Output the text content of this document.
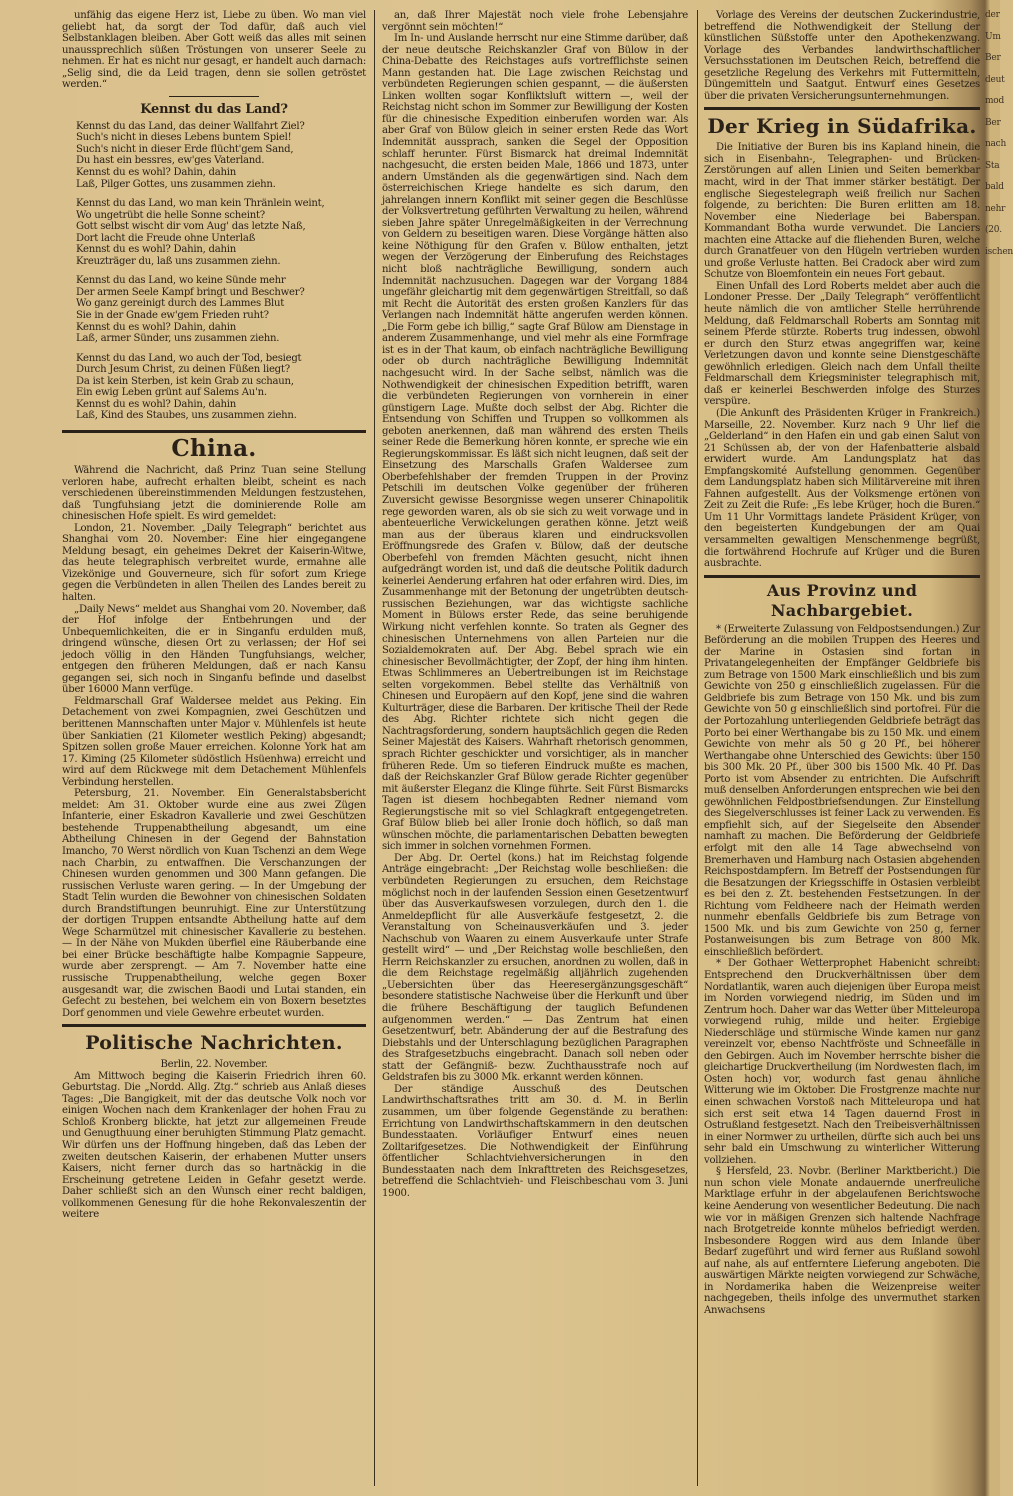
unfähig das eigene Herz ist, Liebe zu üben. Wo man viel geliebt hat, da sorgt der Tod dafür, daß auch viel Selbstanklagen bleiben. Aber Gott weiß das alles mit seinen unaussprechlich süßen Tröstungen von unserer Seele zu nehmen. Er hat es nicht nur gesagt, er handelt auch darnach: „Selig sind, die da Leid tragen, denn sie sollen getröstet werden.“

Kennst du das Land?

Kennst du das Land, das deiner Wallfahrt Ziel?

Such's nicht in dieses Lebens buntem Spiel!

Such's nicht in dieser Erde flücht'gem Sand,

Du hast ein bessres, ew'ges Vaterland.

Kennst du es wohl? Dahin, dahin

Laß, Pilger Gottes, uns zusammen ziehn.

Kennst du das Land, wo man kein Thränlein weint,

Wo ungetrübt die helle Sonne scheint?

Gott selbst wischt dir vom Aug' das letzte Naß,

Dort lacht die Freude ohne Unterlaß

Kennst du es wohl? Dahin, dahin

Kreuzträger du, laß uns zusammen ziehn.

Kennst du das Land, wo keine Sünde mehr

Der armen Seele Kampf bringt und Beschwer?

Wo ganz gereinigt durch des Lammes Blut

Sie in der Gnade ew'gem Frieden ruht?

Kennst du es wohl? Dahin, dahin

Laß, armer Sünder, uns zusammen ziehn.

Kennst du das Land, wo auch der Tod, besiegt

Durch Jesum Christ, zu deinen Füßen liegt?

Da ist kein Sterben, ist kein Grab zu schaun,

Ein ewig Leben grünt auf Salems Au'n.

Kennst du es wohl? Dahin, dahin

Laß, Kind des Staubes, uns zusammen ziehn.

China.

Während die Nachricht, daß Prinz Tuan seine Stellung verloren habe, aufrecht erhalten bleibt, scheint es nach verschiedenen übereinstimmenden Meldungen festzustehen, daß Tungfuhsiang jetzt die dominierende Rolle am chinesischen Hofe spielt. Es wird gemeldet:

London, 21. November. „Daily Telegraph“ berichtet aus Shanghai vom 20. November: Eine hier eingegangene Meldung besagt, ein geheimes Dekret der Kaiserin-Witwe, das heute telegraphisch verbreitet wurde, ermahne alle Vizekönige und Gouverneure, sich für sofort zum Kriege gegen die Verbündeten in allen Theilen des Landes bereit zu halten.

„Daily News“ meldet aus Shanghai vom 20. November, daß der Hof infolge der Entbehrungen und der Unbequemlichkeiten, die er in Singanfu erdulden muß, dringend wünsche, diesen Ort zu verlassen; der Hof sei jedoch völlig in den Händen Tungfuhsiangs, welcher, entgegen den früheren Meldungen, daß er nach Kansu gegangen sei, sich noch in Singanfu befinde und daselbst über 16000 Mann verfüge.

Feldmarschall Graf Waldersee meldet aus Peking. Ein Detachement von zwei Kompagnien, zwei Geschützen und berittenen Mannschaften unter Major v. Mühlenfels ist heute über Sankiatien (21 Kilometer westlich Peking) abgesandt; Spitzen sollen große Mauer erreichen. Kolonne York hat am 17. Kiming (25 Kilometer südöstlich Hsüenhwa) erreicht und wird auf dem Rückwege mit dem Detachement Mühlenfels Verbindung herstellen.

Petersburg, 21. November. Ein Generalstabsbericht meldet: Am 31. Oktober wurde eine aus zwei Zügen Infanterie, einer Eskadron Kavallerie und zwei Geschützen bestehende Truppenabtheilung abgesandt, um eine Abtheilung Chinesen in der Gegend der Bahnstation Imancho, 70 Werst nördlich von Kuan Tschenzi an dem Wege nach Charbin, zu entwaffnen. Die Verschanzungen der Chinesen wurden genommen und 300 Mann gefangen. Die russischen Verluste waren gering. — In der Umgebung der Stadt Telin wurden die Bewohner von chinesischen Soldaten durch Brandstiftungen beunruhigt. Eine zur Unterstützung der dortigen Truppen entsandte Abtheilung hatte auf dem Wege Scharmützel mit chinesischer Kavallerie zu bestehen. — In der Nähe von Mukden überfiel eine Räuberbande eine bei einer Brücke beschäftigte halbe Kompagnie Sappeure, wurde aber zersprengt. — Am 7. November hatte eine russische Truppenabtheilung, welche gegen Boxer ausgesandt war, die zwischen Baodi und Lutai standen, ein Gefecht zu bestehen, bei welchem ein von Boxern besetztes Dorf genommen und viele Gewehre erbeutet wurden.

Politische Nachrichten.

Berlin, 22. November.

Am Mittwoch beging die Kaiserin Friedrich ihren 60. Geburtstag. Die „Nordd. Allg. Ztg.“ schrieb aus Anlaß dieses Tages: „Die Bangigkeit, mit der das deutsche Volk noch vor einigen Wochen nach dem Krankenlager der hohen Frau zu Schloß Kronberg blickte, hat jetzt zur allgemeinen Freude und Genugthuung einer beruhigten Stimmung Platz gemacht. Wir dürfen uns der Hoffnung hingeben, daß das Leben der zweiten deutschen Kaiserin, der erhabenen Mutter unsers Kaisers, nicht ferner durch das so hartnäckig in die Erscheinung getretene Leiden in Gefahr gesetzt werde. Daher schließt sich an den Wunsch einer recht baldigen, vollkommenen Genesung für die hohe Rekonvaleszentin der weitere

an, daß Ihrer Majestät noch viele frohe Lebensjahre vergönnt sein möchten!“

Im In- und Auslande herrscht nur eine Stimme darüber, daß der neue deutsche Reichskanzler Graf von Bülow in der China-Debatte des Reichstages aufs vortrefflichste seinen Mann gestanden hat. Die Lage zwischen Reichstag und verbündeten Regierungen schien gespannt, — die äußersten Linken wollten sogar Konfliktsluft wittern —, weil der Reichstag nicht schon im Sommer zur Bewilligung der Kosten für die chinesische Expedition einberufen worden war. Als aber Graf von Bülow gleich in seiner ersten Rede das Wort Indemnität aussprach, sanken die Segel der Opposition schlaff herunter. Fürst Bismarck hat dreimal Indemnität nachgesucht, die ersten beiden Male, 1866 und 1873, unter andern Umständen als die gegenwärtigen sind. Nach dem österreichischen Kriege handelte es sich darum, den jahrelangen innern Konflikt mit seiner gegen die Beschlüsse der Volksvertretung geführten Verwaltung zu heilen, während sieben Jahre später Unregelmäßigkeiten in der Verrechnung von Geldern zu beseitigen waren. Diese Vorgänge hätten also keine Nöthigung für den Grafen v. Bülow enthalten, jetzt wegen der Verzögerung der Einberufung des Reichstages nicht bloß nachträgliche Bewilligung, sondern auch Indemnität nachzusuchen. Dagegen war der Vorgang 1884 ungefähr gleichartig mit dem gegenwärtigen Streitfall, so daß mit Recht die Autorität des ersten großen Kanzlers für das Verlangen nach Indemnität hätte angerufen werden können. „Die Form gebe ich billig,“ sagte Graf Bülow am Dienstage in anderem Zusammenhange, und viel mehr als eine Formfrage ist es in der That kaum, ob einfach nachträgliche Bewilligung oder ob durch nachträgliche Bewilligung Indemnität nachgesucht wird. In der Sache selbst, nämlich was die Nothwendigkeit der chinesischen Expedition betrifft, waren die verbündeten Regierungen von vornherein in einer günstigern Lage. Mußte doch selbst der Abg. Richter die Entsendung von Schiffen und Truppen so vollkommen als geboten anerkennen, daß man während des ersten Theils seiner Rede die Bemerkung hören konnte, er spreche wie ein Regierungskommissar. Es läßt sich nicht leugnen, daß seit der Einsetzung des Marschalls Grafen Waldersee zum Oberbefehlshaber der fremden Truppen in der Provinz Petschili im deutschen Volke gegenüber der früheren Zuversicht gewisse Besorgnisse wegen unserer Chinapolitik rege geworden waren, als ob sie sich zu weit vorwage und in abenteuerliche Verwickelungen gerathen könne. Jetzt weiß man aus der überaus klaren und eindrucksvollen Eröffnungsrede des Grafen v. Bülow, daß der deutsche Oberbefehl von fremden Mächten gesucht, nicht ihnen aufgedrängt worden ist, und daß die deutsche Politik dadurch keinerlei Aenderung erfahren hat oder erfahren wird. Dies, im Zusammenhange mit der Betonung der ungetrübten deutsch-russischen Beziehungen, war das wichtigste sachliche Moment in Bülows erster Rede, das seine beruhigende Wirkung nicht verfehlen konnte. So traten als Gegner des chinesischen Unternehmens von allen Parteien nur die Sozialdemokraten auf. Der Abg. Bebel sprach wie ein chinesischer Bevollmächtigter, der Zopf, der hing ihm hinten. Etwas Schlimmeres an Uebertreibungen ist im Reichstage selten vorgekommen. Bebel stellte das Verhältniß von Chinesen und Europäern auf den Kopf, jene sind die wahren Kulturträger, diese die Barbaren. Der kritische Theil der Rede des Abg. Richter richtete sich nicht gegen die Nachtragsforderung, sondern hauptsächlich gegen die Reden Seiner Majestät des Kaisers. Wahrhaft rhetorisch genommen, sprach Richter geschickter und vorsichtiger, als in mancher früheren Rede. Um so tieferen Eindruck mußte es machen, daß der Reichskanzler Graf Bülow gerade Richter gegenüber mit äußerster Eleganz die Klinge führte. Seit Fürst Bismarcks Tagen ist diesem hochbegabten Redner niemand vom Regierungstische mit so viel Schlagkraft entgegengetreten. Graf Bülow blieb bei aller Ironie doch höflich, so daß man wünschen möchte, die parlamentarischen Debatten bewegten sich immer in solchen vornehmen Formen.

Der Abg. Dr. Oertel (kons.) hat im Reichstag folgende Anträge eingebracht: „Der Reichstag wolle beschließen: die verbündeten Regierungen zu ersuchen, dem Reichstage möglichst noch in der laufenden Session einen Gesetzentwurf über das Ausverkaufswesen vorzulegen, durch den 1. die Anmeldepflicht für alle Ausverkäufe festgesetzt, 2. die Veranstaltung von Scheinausverkäufen und 3. jeder Nachschub von Waaren zu einem Ausverkaufe unter Strafe gestellt wird“ — und „Der Reichstag wolle beschließen, den Herrn Reichskanzler zu ersuchen, anordnen zu wollen, daß in die dem Reichstage regelmäßig alljährlich zugehenden „Uebersichten über das Heeresergänzungsgeschäft“ besondere statistische Nachweise über die Herkunft und über die frühere Beschäftigung der tauglich Befundenen aufgenommen werden.“ — Das Zentrum hat einen Gesetzentwurf, betr. Abänderung der auf die Bestrafung des Diebstahls und der Unterschlagung bezüglichen Paragraphen des Strafgesetzbuchs eingebracht. Danach soll neben oder statt der Gefängniß- bezw. Zuchthausstrafe noch auf Geldstrafen bis zu 3000 Mk. erkannt werden können.

Der ständige Ausschuß des Deutschen Landwirthschaftsrathes tritt am 30. d. M. in Berlin zusammen, um über folgende Gegenstände zu berathen: Errichtung von Landwirthschaftskammern in den deutschen Bundesstaaten. Vorläufiger Entwurf eines neuen Zolltarifgesetzes. Die Nothwendigkeit der Einführung öffentlicher Schlachtviehversicherungen in den Bundesstaaten nach dem Inkrafttreten des Reichsgesetzes, betreffend die Schlachtvieh- und Fleischbeschau vom 3. Juni 1900.

Vorlage des Vereins der deutschen Zuckerindustrie, betreffend die Nothwendigkeit der Stellung der künstlichen Süßstoffe unter den Apothekenzwang. Vorlage des Verbandes landwirthschaftlicher Versuchsstationen im Deutschen Reich, betreffend die gesetzliche Regelung des Verkehrs mit Futtermitteln, Düngemitteln und Saatgut. Entwurf eines Gesetzes über die privaten Versicherungsunternehmungen.

Der Krieg in Südafrika.

Die Initiative der Buren bis ins Kapland hinein, die sich in Eisenbahn-, Telegraphen- und Brücken-Zerstörungen auf allen Linien und Seiten bemerkbar macht, wird in der That immer stärker bestätigt. Der englische Siegestelegraph weiß freilich nur Sachen folgende, zu berichten: Die Buren erlitten am 18. November eine Niederlage bei Baberspan. Kommandant Botha wurde verwundet. Die Lanciers machten eine Attacke auf die fliehenden Buren, welche durch Granatfeuer von den Hügeln vertrieben wurden und große Verluste hatten. Bei Cradock aber wird zum Schutze von Bloemfontein ein neues Fort gebaut.

Einen Unfall des Lord Roberts meldet aber auch die Londoner Presse. Der „Daily Telegraph“ veröffentlicht heute nämlich die von amtlicher Stelle herrührende Meldung, daß Feldmarschall Roberts am Sonntag mit seinem Pferde stürzte. Roberts trug indessen, obwohl er durch den Sturz etwas angegriffen war, keine Verletzungen davon und konnte seine Dienstgeschäfte gewöhnlich erledigen. Gleich nach dem Unfall theilte Feldmarschall dem Kriegsminister telegraphisch mit, daß er keinerlei Beschwerden infolge des Sturzes verspüre.

(Die Ankunft des Präsidenten Krüger in Frankreich.) Marseille, 22. November. Kurz nach 9 Uhr lief die „Gelderland“ in den Hafen ein und gab einen Salut von 21 Schüssen ab, der von der Hafenbatterie alsbald erwidert wurde. Am Landungsplatz hat das Empfangskomité Aufstellung genommen. Gegenüber dem Landungsplatz haben sich Militärvereine mit ihren Fahnen aufgestellt. Aus der Volksmenge ertönen von Zeit zu Zeit die Rufe: „Es lebe Krüger, hoch die Buren.“ Um 11 Uhr Vormittags landete Präsident Krüger, von den begeisterten Kundgebungen der am Quai versammelten gewaltigen Menschenmenge begrüßt, die fortwährend Hochrufe auf Krüger und die Buren ausbrachte.

Aus Provinz und Nachbargebiet.

* (Erweiterte Zulassung von Feldpostsendungen.) Zur Beförderung an die mobilen Truppen des Heeres und der Marine in Ostasien sind fortan in Privatangelegenheiten der Empfänger Geldbriefe bis zum Betrage von 1500 Mark einschließlich und bis zum Gewichte von 250 g einschließlich zugelassen. Für die Geldbriefe bis zum Betrage von 150 Mk. und bis zum Gewichte von 50 g einschließlich sind portofrei. Für die der Portozahlung unterliegenden Geldbriefe beträgt das Porto bei einer Werthangabe bis zu 150 Mk. und einem Gewichte von mehr als 50 g 20 Pf., bei höherer Werthangabe ohne Unterschied des Gewichts: über 150 bis 300 Mk. 20 Pf., über 300 bis 1500 Mk. 40 Pf. Das Porto ist vom Absender zu entrichten. Die Aufschrift muß denselben Anforderungen entsprechen wie bei den gewöhnlichen Feldpostbriefsendungen. Zur Einstellung des Siegelverschlusses ist feiner Lack zu verwenden. Es empfiehlt sich, auf der Siegelseite den Absender namhaft zu machen. Die Beförderung der Geldbriefe erfolgt mit den alle 14 Tage abwechselnd von Bremerhaven und Hamburg nach Ostasien abgehenden Reichspostdampfern. Im Betreff der Postsendungen für die Besatzungen der Kriegsschiffe in Ostasien verbleibt es bei den z. Zt. bestehenden Festsetzungen. In der Richtung vom Feldheere nach der Heimath werden nunmehr ebenfalls Geldbriefe bis zum Betrage von 1500 Mk. und bis zum Gewichte von 250 g, ferner Postanweisungen bis zum Betrage von 800 Mk. einschließlich befördert.

* Der Gothaer Wetterprophet Habenicht schreibt: Entsprechend den Druckverhältnissen über dem Nordatlantik, waren auch diejenigen über Europa meist im Norden vorwiegend niedrig, im Süden und im Zentrum hoch. Daher war das Wetter über Mitteleuropa vorwiegend ruhig, milde und heiter. Ergiebige Niederschläge und stürmische Winde kamen nur ganz vereinzelt vor, ebenso Nachtfröste und Schneefälle in den Gebirgen. Auch im November herrschte bisher die gleichartige Druckvertheilung (im Nordwesten flach, im Osten hoch) vor, wodurch fast genau ähnliche Witterung wie im Oktober. Die Frostgrenze machte nur einen schwachen Vorstoß nach Mitteleuropa und hat sich erst seit etwa 14 Tagen dauernd Frost in Ostrußland festgesetzt. Nach den Treibeisverhältnissen in einer Normwer zu urtheilen, dürfte sich auch bei uns sehr bald ein Umschwung zu winterlicher Witterung vollziehen.

§ Hersfeld, 23. Novbr. (Berliner Marktbericht.) Die nun schon viele Monate andauernde unerfreuliche Marktlage erfuhr in der abgelaufenen Berichtswoche keine Aenderung von wesentlicher Bedeutung. Die nach wie vor in mäßigen Grenzen sich haltende Nachfrage nach Brotgetreide konnte mühelos befriedigt werden. Insbesondere Roggen wird aus dem Inlande über Bedarf zugeführt und wird ferner aus Rußland sowohl auf nahe, als auf entferntere Lieferung angeboten. Die auswärtigen Märkte neigten vorwiegend zur Schwäche, in Nordamerika haben die Weizenpreise weiter nachgegeben, theils infolge des unvermuthet starken Anwachsens

der

Um

Ber

deut

mod

Ber

nach

Sta

bald

nehr

(20.

ischen
